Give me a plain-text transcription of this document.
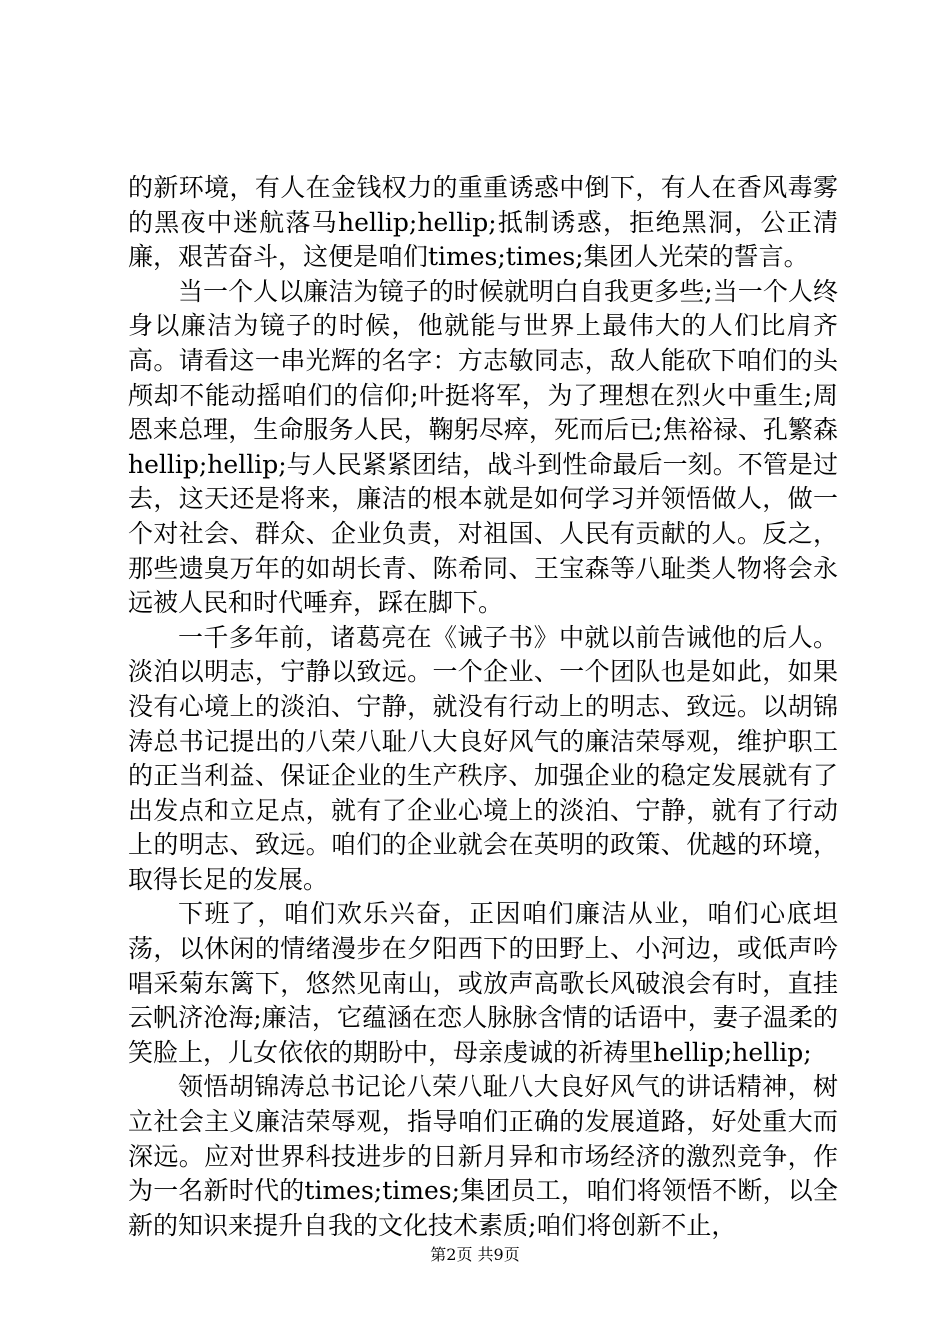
的新环境，有人在金钱权力的重重诱惑中倒下，有人在香风毒雾的黑夜中迷航落马hellip;hellip;抵制诱惑，拒绝黑洞，公正清廉，艰苦奋斗，这便是咱们times;times;集团人光荣的誓言。

当一个人以廉洁为镜子的时候就明白自我更多些;当一个人终身以廉洁为镜子的时候，他就能与世界上最伟大的人们比肩齐高。请看这一串光辉的名字：方志敏同志，敌人能砍下咱们的头颅却不能动摇咱们的信仰;叶挺将军，为了理想在烈火中重生;周恩来总理，生命服务人民，鞠躬尽瘁，死而后已;焦裕禄、孔繁森hellip;hellip;与人民紧紧团结，战斗到性命最后一刻。不管是过去，这天还是将来，廉洁的根本就是如何学习并领悟做人，做一个对社会、群众、企业负责，对祖国、人民有贡献的人。反之，那些遗臭万年的如胡长青、陈希同、王宝森等八耻类人物将会永远被人民和时代唾弃，踩在脚下。

一千多年前，诸葛亮在《诫子书》中就以前告诫他的后人。淡泊以明志，宁静以致远。一个企业、一个团队也是如此，如果没有心境上的淡泊、宁静，就没有行动上的明志、致远。以胡锦涛总书记提出的八荣八耻八大良好风气的廉洁荣辱观，维护职工的正当利益、保证企业的生产秩序、加强企业的稳定发展就有了出发点和立足点，就有了企业心境上的淡泊、宁静，就有了行动上的明志、致远。咱们的企业就会在英明的政策、优越的环境，取得长足的发展。

下班了，咱们欢乐兴奋，正因咱们廉洁从业，咱们心底坦荡，以休闲的情绪漫步在夕阳西下的田野上、小河边，或低声吟唱采菊东篱下，悠然见南山，或放声高歌长风破浪会有时，直挂云帆济沧海;廉洁，它蕴涵在恋人脉脉含情的话语中，妻子温柔的笑脸上，儿女依依的期盼中，母亲虔诚的祈祷里hellip;hellip;

领悟胡锦涛总书记论八荣八耻八大良好风气的讲话精神，树立社会主义廉洁荣辱观，指导咱们正确的发展道路，好处重大而深远。应对世界科技进步的日新月异和市场经济的激烈竞争，作为一名新时代的times;times;集团员工，咱们将领悟不断，以全新的知识来提升自我的文化技术素质;咱们将创新不止，

第2页 共9页
